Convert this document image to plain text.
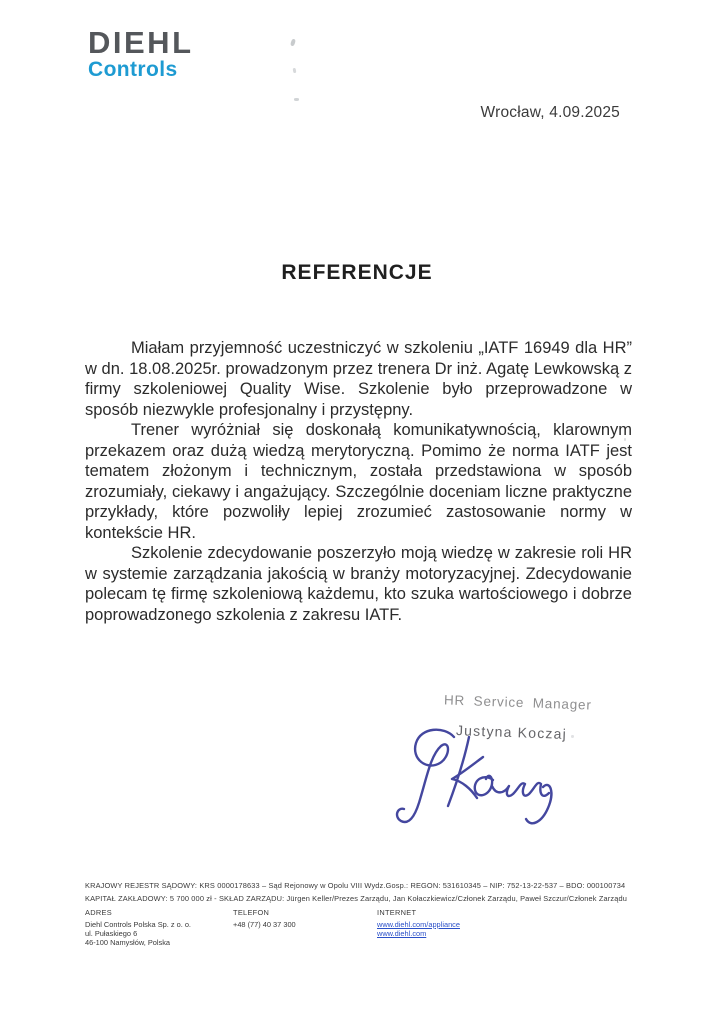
DIEHL
Controls
Wrocław, 4.09.2025
REFERENCJE

Miałam przyjemność uczestniczyć w szkoleniu „IATF 16949 dla HR” w dn. 18.08.2025r. prowadzonym przez trenera Dr inż. Agatę Lewkowską z firmy szkoleniowej Quality Wise. Szkolenie było przeprowadzone w sposób niezwykle profesjonalny i przystępny.

Trener wyróżniał się doskonałą komunikatywnością, klarownym przekazem oraz dużą wiedzą merytoryczną. Pomimo że norma IATF jest tematem złożonym i technicznym, została przedstawiona w sposób zrozumiały, ciekawy i angażujący. Szczególnie doceniam liczne praktyczne przykłady, które pozwoliły lepiej zrozumieć zastosowanie normy w kontekście HR.

Szkolenie zdecydowanie poszerzyło moją wiedzę w zakresie roli HR w systemie zarządzania jakością w branży motoryzacyjnej. Zdecydowanie polecam tę firmę szkoleniową każdemu, kto szuka wartościowego i dobrze poprowadzonego szkolenia z zakresu IATF.

HR Service Manager
Justyna Koczaj
KRAJOWY REJESTR SĄDOWY: KRS 0000178633 – Sąd Rejonowy w Opolu VIII Wydz.Gosp.: REGON: 531610345 – NIP: 752-13-22-537 – BDO: 000100734
KAPITAŁ ZAKŁADOWY: 5 700 000 zł - SKŁAD ZARZĄDU: Jürgen Keller/Prezes Zarządu, Jan Kołaczkiewicz/Członek Zarządu, Paweł Szczur/Członek Zarządu
ADRES
Diehl Controls Polska Sp. z o. o.
ul. Pułaskiego 6
46-100 Namysłów, Polska
TELEFON
+48 (77) 40 37 300
INTERNET
www.diehl.com/appliance
www.diehl.com
